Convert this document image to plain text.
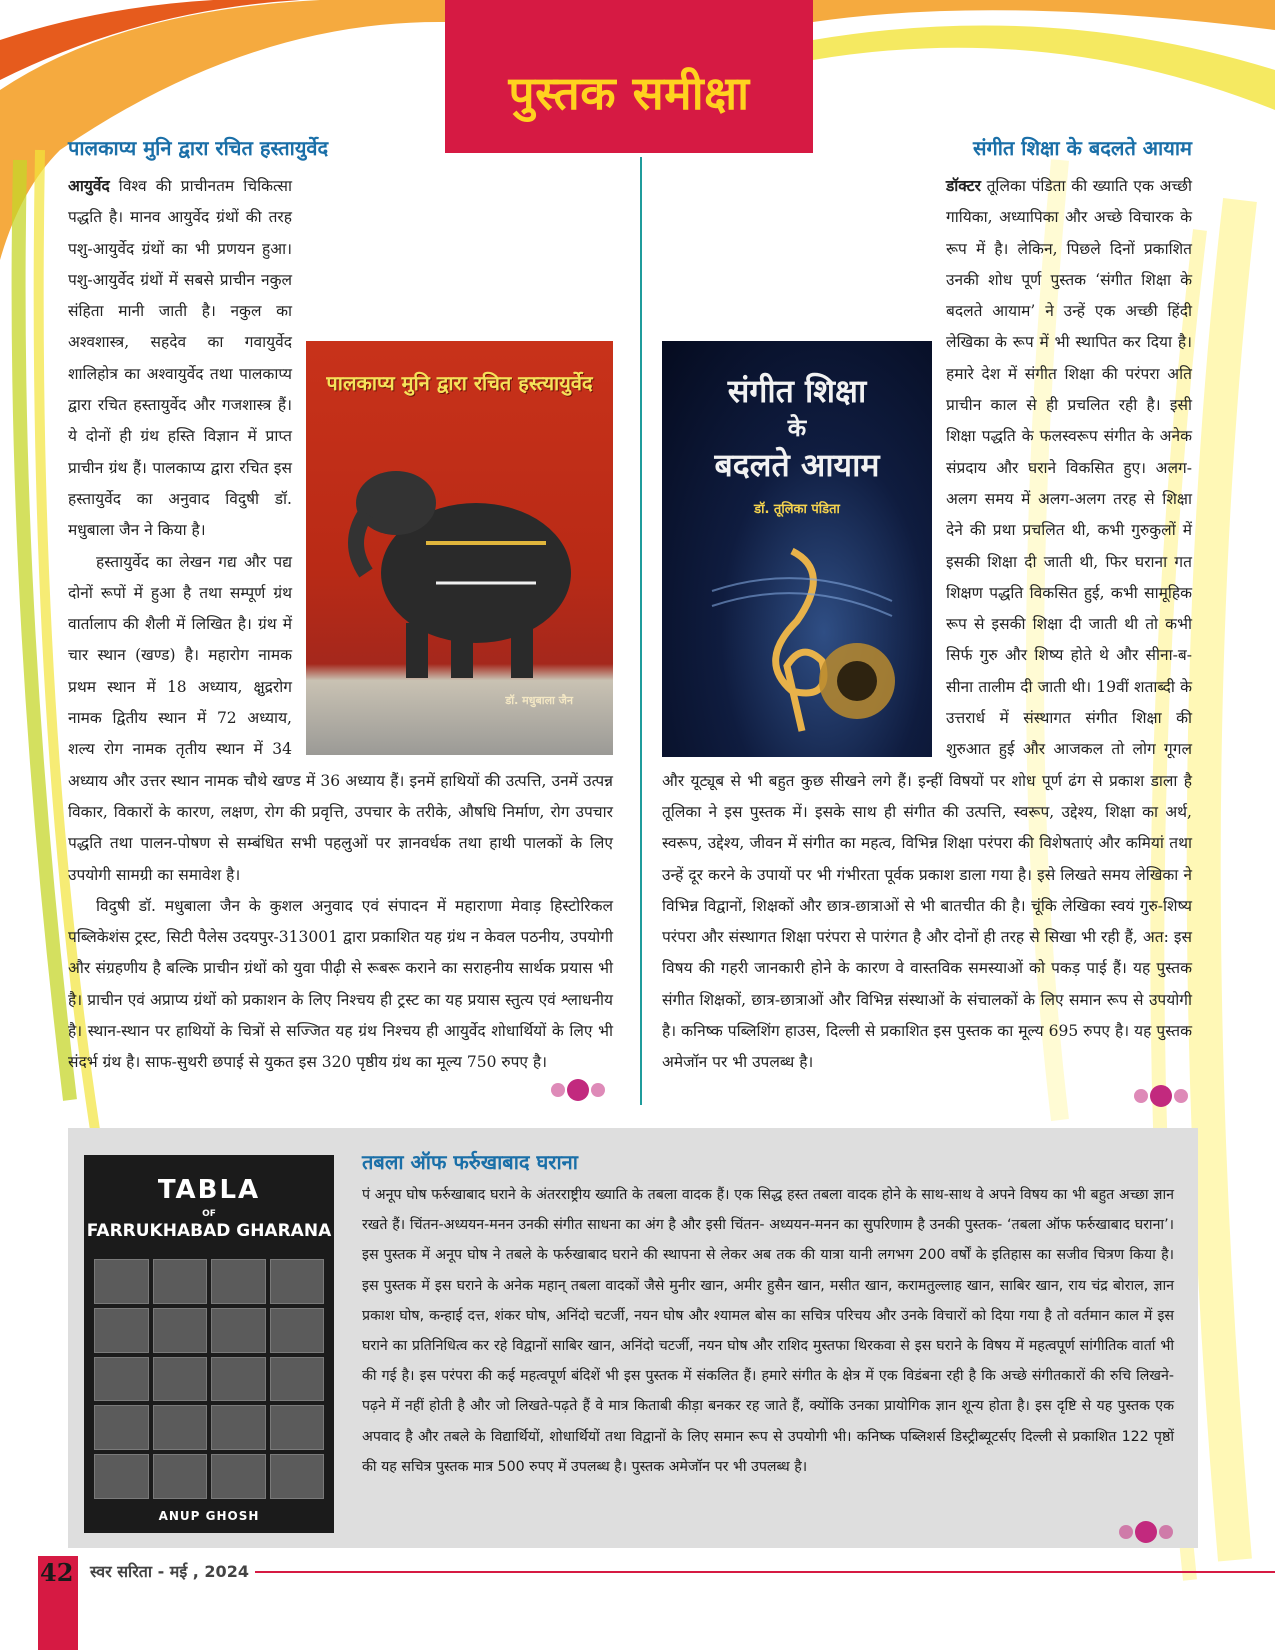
पुस्तक समीक्षा
पालकाप्य मुनि द्वारा रचित हस्तायुर्वेद	संगीत शिक्षा के बदलते आयाम
पालकाप्य मुनि द्वारा रचित हस्त्यायुर्वेद
डॉ. मधुबाला जैन

आयुर्वेद विश्व की प्राचीनतम चिकित्सा पद्धति है। मानव आयुर्वेद ग्रंथों की तरह पशु-आयुर्वेद ग्रंथों का भी प्रणयन हुआ। पशु-आयुर्वेद ग्रंथों में सबसे प्राचीन नकुल संहिता मानी जाती है। नकुल का अश्वशास्त्र, सहदेव का गवायुर्वेद शालिहोत्र का अश्वायुर्वेद तथा पालकाप्य द्वारा रचित हस्तायुर्वेद और गजशास्त्र हैं। ये दोनों ही ग्रंथ हस्ति विज्ञान में प्राप्त प्राचीन ग्रंथ हैं। पालकाप्य द्वारा रचित इस हस्तायुर्वेद का अनुवाद विदुषी डॉ. मधुबाला जैन ने किया है।

हस्तायुर्वेद का लेखन गद्य और पद्य दोनों रूपों में हुआ है तथा सम्पूर्ण ग्रंथ वार्तालाप की शैली में लिखित है। ग्रंथ में चार स्थान (खण्ड) है। महारोग नामक प्रथम स्थान में 18 अध्याय, क्षुद्ररोग नामक द्वितीय स्थान में 72 अध्याय, शल्य रोग नामक तृतीय स्थान में 34 अध्याय और उत्तर स्थान नामक चौथे खण्ड में 36 अध्याय हैं। इनमें हाथियों की उत्पत्ति, उनमें उत्पन्न विकार, विकारों के कारण, लक्षण, रोग की प्रवृत्ति, उपचार के तरीके, औषधि निर्माण, रोग उपचार पद्धति तथा पालन-पोषण से सम्बंधित सभी पहलुओं पर ज्ञानवर्धक तथा हाथी पालकों के लिए उपयोगी सामग्री का समावेश है।

विदुषी डॉ. मधुबाला जैन के कुशल अनुवाद एवं संपादन में महाराणा मेवाड़ हिस्टोरिकल पब्लिकेशंस ट्रस्ट, सिटी पैलेस उदयपुर-313001 द्वारा प्रकाशित यह ग्रंथ न केवल पठनीय, उपयोगी और संग्रहणीय है बल्कि प्राचीन ग्रंथों को युवा पीढ़ी से रूबरू कराने का सराहनीय सार्थक प्रयास भी है। प्राचीन एवं अप्राप्य ग्रंथों को प्रकाशन के लिए निश्चय ही ट्रस्ट का यह प्रयास स्तुत्य एवं श्लाधनीय है। स्थान-स्थान पर हाथियों के चित्रों से सज्जित यह ग्रंथ निश्चय ही आयुर्वेद शोधार्थियों के लिए भी संदर्भ ग्रंथ है। साफ-सुथरी छपाई से युकत इस 320 पृष्ठीय ग्रंथ का मूल्य 750 रुपए है।

संगीत शिक्षा
के
बदलते आयाम
डॉ. तूलिका पंडिता

डॉक्टर तूलिका पंडिता की ख्याति एक अच्छी गायिका, अध्यापिका और अच्छे विचारक के रूप में है। लेकिन, पिछले दिनों प्रकाशित उनकी शोध पूर्ण पुस्तक ‘संगीत शिक्षा के बदलते आयाम’ ने उन्हें एक अच्छी हिंदी लेखिका के रूप में भी स्थापित कर दिया है। हमारे देश में संगीत शिक्षा की परंपरा अति प्राचीन काल से ही प्रचलित रही है। इसी शिक्षा पद्धति के फलस्वरूप संगीत के अनेक संप्रदाय और घराने विकसित हुए। अलग-अलग समय में अलग-अलग तरह से शिक्षा देने की प्रथा प्रचलित थी, कभी गुरुकुलों में इसकी शिक्षा दी जाती थी, फिर घराना गत शिक्षण पद्धति विकसित हुई, कभी सामूहिक रूप से इसकी शिक्षा दी जाती थी तो कभी सिर्फ गुरु और शिष्य होते थे और सीना-ब-सीना तालीम दी जाती थी। 19वीं शताब्दी के उत्तरार्ध में संस्थागत संगीत शिक्षा की शुरुआत हुई और आजकल तो लोग गूगल और यूट्यूब से भी बहुत कुछ सीखने लगे हैं। इन्हीं विषयों पर शोध पूर्ण ढंग से प्रकाश डाला है तूलिका ने इस पुस्तक में। इसके साथ ही संगीत की उत्पत्ति, स्वरूप, उद्देश्य, शिक्षा का अर्थ, स्वरूप, उद्देश्य, जीवन में संगीत का महत्व, विभिन्न शिक्षा परंपरा की विशेषताएं और कमियां तथा उन्हें दूर करने के उपायों पर भी गंभीरता पूर्वक प्रकाश डाला गया है। इसे लिखते समय लेखिका ने विभिन्न विद्वानों, शिक्षकों और छात्र-छात्राओं से भी बातचीत की है। चूंकि लेखिका स्वयं गुरु-शिष्य परंपरा और संस्थागत शिक्षा परंपरा से पारंगत है और दोनों ही तरह से सिखा भी रही हैं, अत: इस विषय की गहरी जानकारी होने के कारण वे वास्तविक समस्याओं को पकड़ पाई हैं। यह पुस्तक संगीत शिक्षकों, छात्र-छात्राओं और विभिन्न संस्थाओं के संचालकों के लिए समान रूप से उपयोगी है। कनिष्क पब्लिशिंग हाउस, दिल्ली से प्रकाशित इस पुस्तक का मूल्य 695 रुपए है। यह पुस्तक अमेजॉन पर भी उपलब्ध है।

TABLA
OF
FARRUKHABAD GHARANA
ANUP GHOSH
तबला ऑफ फर्रुखाबाद घराना

पं अनूप घोष फर्रुखाबाद घराने के अंतरराष्ट्रीय ख्याति के तबला वादक हैं। एक सिद्ध हस्त तबला वादक होने के साथ-साथ वे अपने विषय का भी बहुत अच्छा ज्ञान रखते हैं। चिंतन-अध्ययन-मनन उनकी संगीत साधना का अंग है और इसी चिंतन- अध्ययन-मनन का सुपरिणाम है उनकी पुस्तक- ‘तबला ऑफ फर्रुखाबाद घराना’। इस पुस्तक में अनूप घोष ने तबले के फर्रुखाबाद घराने की स्थापना से लेकर अब तक की यात्रा यानी लगभग 200 वर्षों के इतिहास का सजीव चित्रण किया है। इस पुस्तक में इस घराने के अनेक महान् तबला वादकों जैसे मुनीर खान, अमीर हुसैन खान, मसीत खान, करामतुल्लाह खान, साबिर खान, राय चंद्र बोराल, ज्ञान प्रकाश घोष, कन्हाई दत्त, शंकर घोष, अनिंदो चटर्जी, नयन घोष और श्यामल बोस का सचित्र परिचय और उनके विचारों को दिया गया है तो वर्तमान काल में इस घराने का प्रतिनिधित्व कर रहे विद्वानों साबिर खान, अनिंदो चटर्जी, नयन घोष और राशिद मुस्तफा थिरकवा से इस घराने के विषय में महत्वपूर्ण सांगीतिक वार्ता भी की गई है। इस परंपरा की कई महत्वपूर्ण बंदिशें भी इस पुस्तक में संकलित हैं। हमारे संगीत के क्षेत्र में एक विडंबना रही है कि अच्छे संगीतकारों की रुचि लिखने-पढ़ने में नहीं होती है और जो लिखते-पढ़ते हैं वे मात्र किताबी कीड़ा बनकर रह जाते हैं, क्योंकि उनका प्रायोगिक ज्ञान शून्य होता है। इस दृष्टि से यह पुस्तक एक अपवाद है और तबले के विद्यार्थियों, शोधार्थियों तथा विद्वानों के लिए समान रूप से उपयोगी भी। कनिष्क पब्लिशर्स डिस्ट्रीब्यूटर्सए दिल्ली से प्रकाशित 122 पृष्ठों की यह सचित्र पुस्तक मात्र 500 रुपए में उपलब्ध है। पुस्तक अमेजॉन पर भी उपलब्ध है।

42 स्वर सरिता - मई , 2024
